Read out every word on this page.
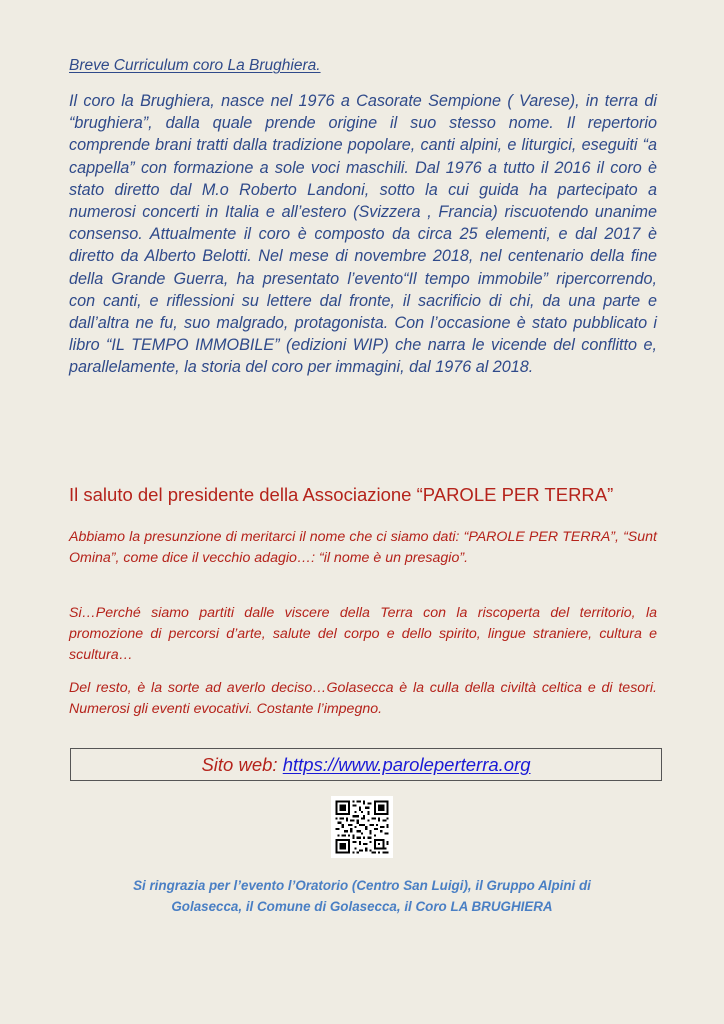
Breve Curriculum coro La Brughiera.

Il coro la Brughiera, nasce nel 1976 a Casorate Sempione ( Varese), in terra di “brughiera”, dalla quale prende origine il suo stesso nome. Il repertorio comprende brani tratti dalla tradizione popolare, canti alpini, e liturgici, eseguiti “a cappella” con formazione a sole voci maschili. Dal 1976 a tutto il 2016 il coro è stato diretto dal M.o Roberto Landoni, sotto la cui guida ha partecipato a numerosi concerti in Italia e all’estero (Svizzera , Francia) riscuotendo unanime consenso. Attualmente il coro è composto da circa 25 elementi, e dal 2017 è diretto da Alberto Belotti. Nel mese di novembre 2018, nel centenario della fine della Grande Guerra, ha presentato l’evento“Il tempo immobile” ripercorrendo, con canti, e riflessioni su lettere dal fronte, il sacrificio di chi, da una parte e dall’altra ne fu, suo malgrado, protagonista. Con l’occasione è stato pubblicato i libro “IL TEMPO IMMOBILE” (edizioni WIP) che narra le vicende del conflitto e, parallelamente, la storia del coro per immagini, dal 1976 al 2018.

Il saluto del presidente della Associazione “PAROLE PER TERRA”

Abbiamo la presunzione di meritarci il nome che ci siamo dati: “PAROLE PER TERRA”, “Sunt Omina”, come dice il vecchio adagio…: “il nome è un presagio”.

Si…Perché siamo partiti dalle viscere della Terra con la riscoperta del territorio, la promozione di percorsi d’arte, salute del corpo e dello spirito, lingue straniere, cultura e scultura…

Del resto, è la sorte ad averlo deciso…Golasecca è la culla della civiltà celtica e di tesori. Numerosi gli eventi evocativi. Costante l’impegno.

Sito web: https://www.paroleperterra.org

Si ringrazia per l’evento l’Oratorio (Centro San Luigi), il Gruppo Alpini di
Golasecca, il Comune di Golasecca, il Coro LA BRUGHIERA
